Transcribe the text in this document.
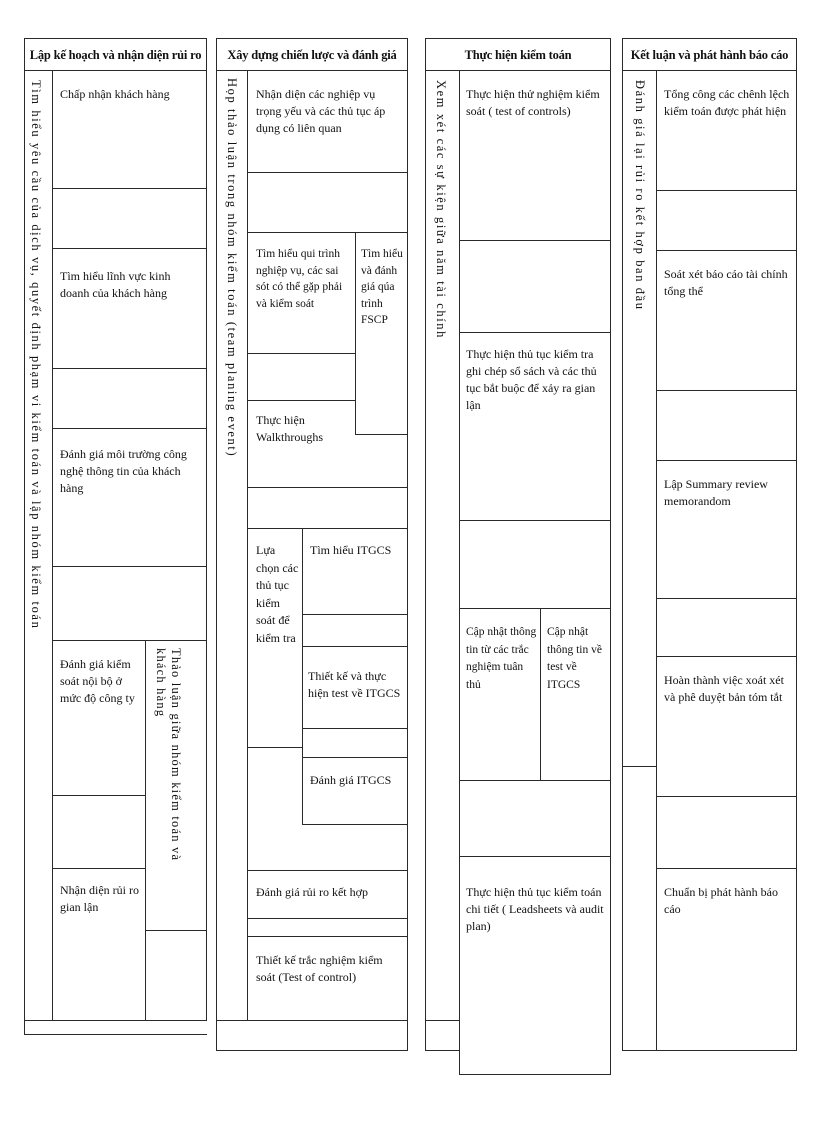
Lập kế hoạch và nhận diện rủi ro
Tìm hiểu yêu cầu của dịch vụ, quyết định phạm vi kiểm toán và lập nhóm kiểm toán Chấp nhận khách hàng
Tìm hiểu lĩnh vực kinh doanh của khách hàng
Đánh giá môi trường công nghệ thông tin của khách hàng
Đánh giá kiểm soát nội bộ ở mức độ công ty
Nhận diện rủi ro gian lận
Thảo luận giữa nhóm kiểm toán và khách hàng
Xây dựng chiến lược và đánh giá
Họp thảo luận trong nhóm kiểm toán (team planing event) Nhận diện các nghiệp vụ trọng yếu và các thủ tục áp dụng có liên quan
Tìm hiểu qui trình nghiệp vụ, các sai sót có thể gặp phải và kiểm soát
Tìm hiểu và đánh giá qúa trình FSCP
Thực hiện Walkthroughs
Lựa chọn các thủ tục kiểm soát để kiểm tra
Tìm hiểu ITGCS
Thiết kế và thực hiện test về ITGCS
Đánh giá ITGCS
Đánh giá rủi ro kết hợp
Thiết kế trắc nghiệm kiểm soát (Test of control)
Thực hiện kiểm toán
Xem xét các sự kiện giữa năm tài chính Thực hiện thử nghiệm kiểm soát ( test of controls)
Thực hiện thủ tục kiểm tra ghi chép sổ sách và các thủ tục bắt buộc để xảy ra gian lận
Cập nhật thông tin từ các trắc nghiệm tuân thủ
Cập nhật thông tin về test về ITGCS
Thực hiện thủ tục kiểm toán chi tiết ( Leadsheets và audit plan)
Kết luận và phát hành báo cáo
Đánh giá lại rủi ro kết hợp ban đầu Tổng công các chênh lệch kiểm toán được phát hiện
Soát xét báo cáo tài chính tổng thể
Lập Summary review memorandom
Hoàn thành việc xoát xét và phê duyệt bản tóm tắt
Chuẩn bị phát hành báo cáo
